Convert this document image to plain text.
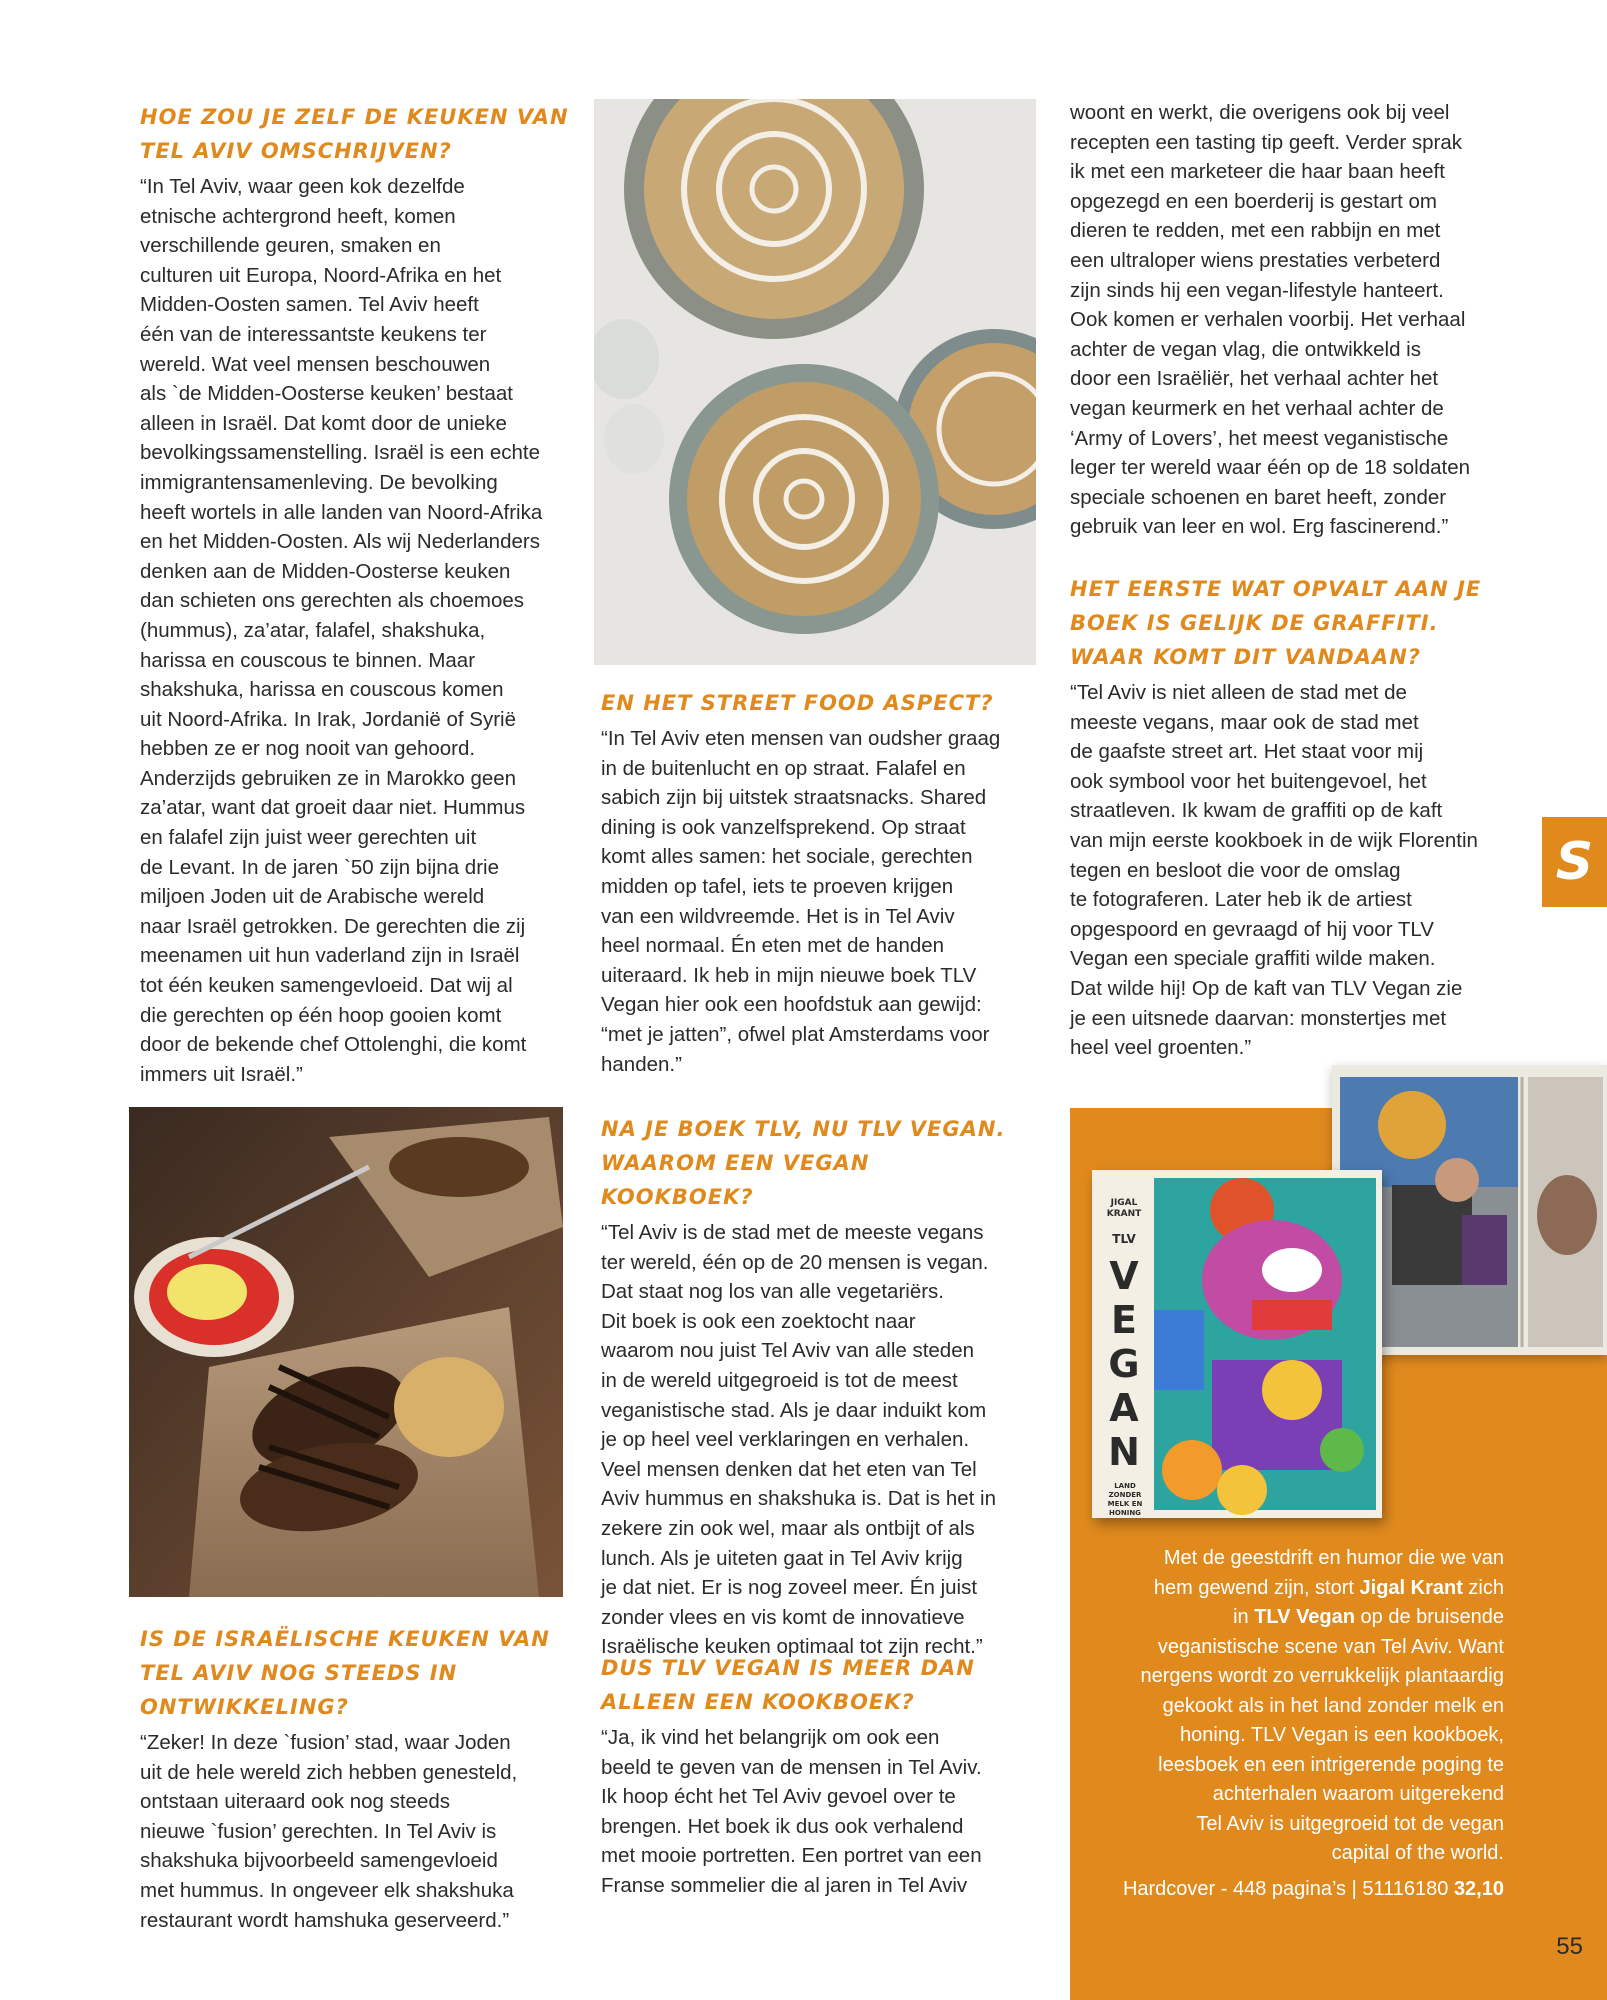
HOE ZOU JE ZELF DE KEUKEN VAN TEL AVIV OMSCHRIJVEN?
“In Tel Aviv, waar geen kok dezelfde
etnische achtergrond heeft, komen
verschillende geuren, smaken en
culturen uit Europa, Noord-Afrika en het
Midden-Oosten samen. Tel Aviv heeft
één van de interessantste keukens ter
wereld. Wat veel mensen beschouwen
als `de Midden-Oosterse keuken’ bestaat
alleen in Israël. Dat komt door de unieke
bevolkingssamenstelling. Israël is een echte
immigrantensamenleving. De bevolking
heeft wortels in alle landen van Noord-Afrika
en het Midden-Oosten. Als wij Nederlanders
denken aan de Midden-Oosterse keuken
dan schieten ons gerechten als choemoes
(hummus), za’atar, falafel, shakshuka,
harissa en couscous te binnen. Maar
shakshuka, harissa en couscous komen
uit Noord-Afrika. In Irak, Jordanië of Syrië
hebben ze er nog nooit van gehoord.
Anderzijds gebruiken ze in Marokko geen
za’atar, want dat groeit daar niet. Hummus
en falafel zijn juist weer gerechten uit
de Levant. In de jaren `50 zijn bijna drie
miljoen Joden uit de Arabische wereld
naar Israël getrokken. De gerechten die zij
meenamen uit hun vaderland zijn in Israël
tot één keuken samengevloeid. Dat wij al
die gerechten op één hoop gooien komt
door de bekende chef Ottolenghi, die komt
immers uit Israël.”
IS DE ISRAËLISCHE KEUKEN VAN TEL AVIV NOG STEEDS IN ONTWIKKELING?
“Zeker! In deze `fusion’ stad, waar Joden
uit de hele wereld zich hebben genesteld,
ontstaan uiteraard ook nog steeds
nieuwe `fusion’ gerechten. In Tel Aviv is
shakshuka bijvoorbeeld samengevloeid
met hummus. In ongeveer elk shakshuka
restaurant wordt hamshuka geserveerd.”
EN HET STREET FOOD ASPECT?
“In Tel Aviv eten mensen van oudsher graag
in de buitenlucht en op straat. Falafel en
sabich zijn bij uitstek straatsnacks. Shared
dining is ook vanzelfsprekend. Op straat
komt alles samen: het sociale, gerechten
midden op tafel, iets te proeven krijgen
van een wildvreemde. Het is in Tel Aviv
heel normaal. Én eten met de handen
uiteraard. Ik heb in mijn nieuwe boek TLV
Vegan hier ook een hoofdstuk aan gewijd:
“met je jatten”, ofwel plat Amsterdams voor
handen.”
NA JE BOEK TLV, NU TLV VEGAN. WAAROM EEN VEGAN KOOKBOEK?
“Tel Aviv is de stad met de meeste vegans
ter wereld, één op de 20 mensen is vegan.
Dat staat nog los van alle vegetariërs.
Dit boek is ook een zoektocht naar
waarom nou juist Tel Aviv van alle steden
in de wereld uitgegroeid is tot de meest
veganistische stad. Als je daar induikt kom
je op heel veel verklaringen en verhalen.
Veel mensen denken dat het eten van Tel
Aviv hummus en shakshuka is. Dat is het in
zekere zin ook wel, maar als ontbijt of als
lunch. Als je uiteten gaat in Tel Aviv krijg
je dat niet. Er is nog zoveel meer. Én juist
zonder vlees en vis komt de innovatieve
Israëlische keuken optimaal tot zijn recht.”
DUS TLV VEGAN IS MEER DAN ALLEEN EEN KOOKBOEK?
“Ja, ik vind het belangrijk om ook een
beeld te geven van de mensen in Tel Aviv.
Ik hoop écht het Tel Aviv gevoel over te
brengen. Het boek ik dus ook verhalend
met mooie portretten. Een portret van een
Franse sommelier die al jaren in Tel Aviv
woont en werkt, die overigens ook bij veel
recepten een tasting tip geeft. Verder sprak
ik met een marketeer die haar baan heeft
opgezegd en een boerderij is gestart om
dieren te redden, met een rabbijn en met
een ultraloper wiens prestaties verbeterd
zijn sinds hij een vegan-lifestyle hanteert.
Ook komen er verhalen voorbij. Het verhaal
achter de vegan vlag, die ontwikkeld is
door een Israëliër, het verhaal achter het
vegan keurmerk en het verhaal achter de
‘Army of Lovers’, het meest veganistische
leger ter wereld waar één op de 18 soldaten
speciale schoenen en baret heeft, zonder
gebruik van leer en wol. Erg fascinerend.”
HET EERSTE WAT OPVALT AAN JE BOEK IS GELIJK DE GRAFFITI. WAAR KOMT DIT VANDAAN?
“Tel Aviv is niet alleen de stad met de
meeste vegans, maar ook de stad met
de gaafste street art. Het staat voor mij
ook symbool voor het buitengevoel, het
straatleven. Ik kwam de graffiti op de kaft
van mijn eerste kookboek in de wijk Florentin
tegen en besloot die voor de omslag
te fotograferen. Later heb ik de artiest
opgespoord en gevraagd of hij voor TLV
Vegan een speciale graffiti wilde maken.
Dat wilde hij! Op de kaft van TLV Vegan zie
je een uitsnede daarvan: monstertjes met
heel veel groenten.”
S
JIGAL KRANT
TLV
VEGAN
LAND ZONDER MELK EN HONING
Met de geestdrift en humor die we van
hem gewend zijn, stort Jigal Krant zich
in TLV Vegan op de bruisende
veganistische scene van Tel Aviv. Want
nergens wordt zo verrukkelijk plantaardig
gekookt als in het land zonder melk en
honing. TLV Vegan is een kookboek,
leesboek en een intrigerende poging te
achterhalen waarom uitgerekend
Tel Aviv is uitgegroeid tot de vegan
capital of the world.
Hardcover - 448 pagina’s | 51116180 32,10
55
